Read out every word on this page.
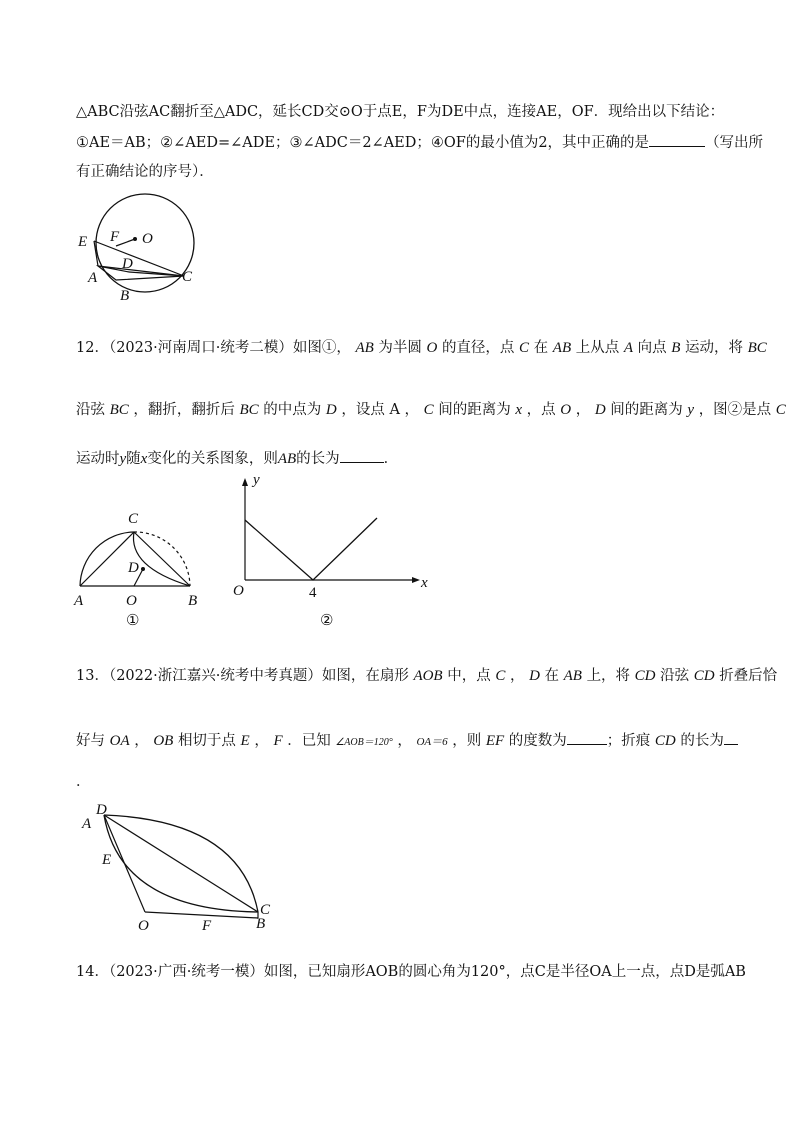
△ABC沿弦AC翻折至△ADC，延长CD交⊙O于点E，F为DE中点，连接AE，OF．现给出以下结论：
①AE＝AB；②∠AED=∠ADE；③∠ADC＝2∠AED；④OF的最小值为2，其中正确的是	（写出所
有正确结论的序号）．
E F O
D
A	C
B
12．（2023·河南周口·统考二模）如图①， AB 为半圆 O 的直径，点 C 在 AB 上从点 A 向点 B 运动，将 BC
沿弦 BC ，翻折，翻折后 BC 的中点为 D ，设点 A ， C 间的距离为 x ，点 O ， D 间的距离为 y ，图②是点 C
运动时y随x变化的关系图象，则AB的长为	．
C
D
A	O	B
①
y
O	4
x
②
13．（2022·浙江嘉兴·统考中考真题）如图，在扇形 AOB 中，点 C ， D 在 AB 上，将 CD 沿弦 CD 折叠后恰
好与 OA ， OB 相切于点 E ， F ．已知 ∠AOB＝120° ， OA＝6 ，则 EF 的度数为	；折痕 CD 的长为
．
D
A
E
O	F
C
B
14．（2023·广西·统考一模）如图，已知扇形AOB的圆心角为120°，点C是半径OA上一点，点D是弧AB
